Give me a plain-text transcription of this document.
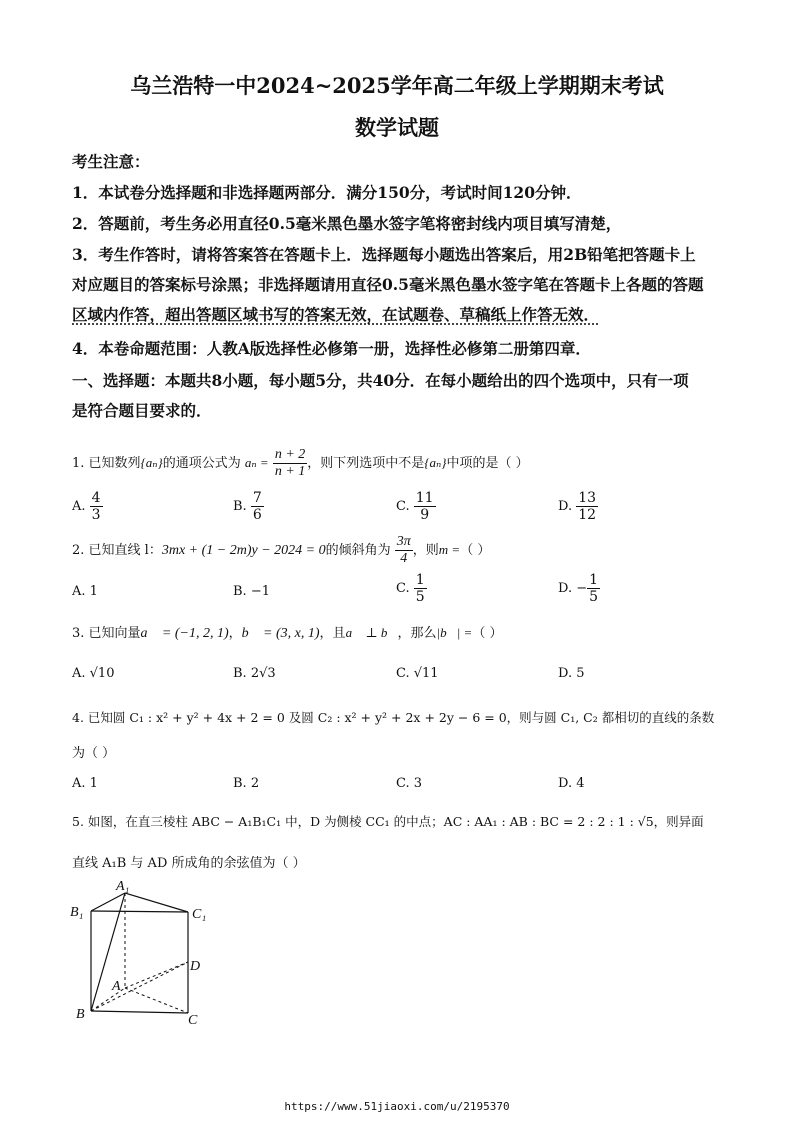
乌兰浩特一中2024~2025学年高二年级上学期期末考试
数学试题
考生注意：
1．本试卷分选择题和非选择题两部分．满分150分，考试时间120分钟．
2．答题前，考生务必用直径0.5毫米黑色墨水签字笔将密封线内项目填写清楚，
3．考生作答时，请将答案答在答题卡上．选择题每小题选出答案后，用2B铅笔把答题卡上
对应题目的答案标号涂黑；非选择题请用直径0.5毫米黑色墨水签字笔在答题卡上各题的答题
区域内作答，超出答题区域书写的答案无效，在试题卷、草稿纸上作答无效．
4．本卷命题范围：人教A版选择性必修第一册，选择性必修第二册第四章．
一、选择题：本题共8小题，每小题5分，共40分．在每小题给出的四个选项中，只有一项
是符合题目要求的．
1. 已知数列{aₙ}的通项公式为 $a_n = \frac{n + 2}{n + 1}$ ，则下列选项中不是{aₙ}中项的是（ ）
A. $\frac{4}{3}$	B. $\frac{7}{6}$	C. $\frac{11}{9}$	D. $\frac{13}{12}$
2. 已知直线 l：3mx + (1 − 2m)y − 2024 = 0的倾斜角为 $\frac{3\pi}{4}$ ，则m =（ ）
A. 1	B. −1	C. $\frac{1}{5}$	D. − $\frac{1}{5}$
3. 已知向量a⃗ = (−1, 2, 1)，b⃗ = (3, x, 1)，且a⃗ ⊥ b⃗，那么|b⃗| =（ ）
A. √10	B. 2√3	C. √11	D. 5
4. 已知圆 C₁ : x² + y² + 4x + 2 = 0 及圆 C₂ : x² + y² + 2x + 2y − 6 = 0，则与圆 C₁, C₂ 都相切的直线的条数
为（ ）
A. 1	C. 3
B. 2	D. 4
5. 如图，在直三棱柱 ABC − A₁B₁C₁ 中，D 为侧棱 CC₁ 的中点；AC : AA₁ : AB : BC = 2 : 2 : 1 : √5，则异面
直线 A₁B 与 AD 所成角的余弦值为（ ）
A₁
B₁	C₁
D
A
B	C
https://www.51jiaoxi.com/u/2195370
